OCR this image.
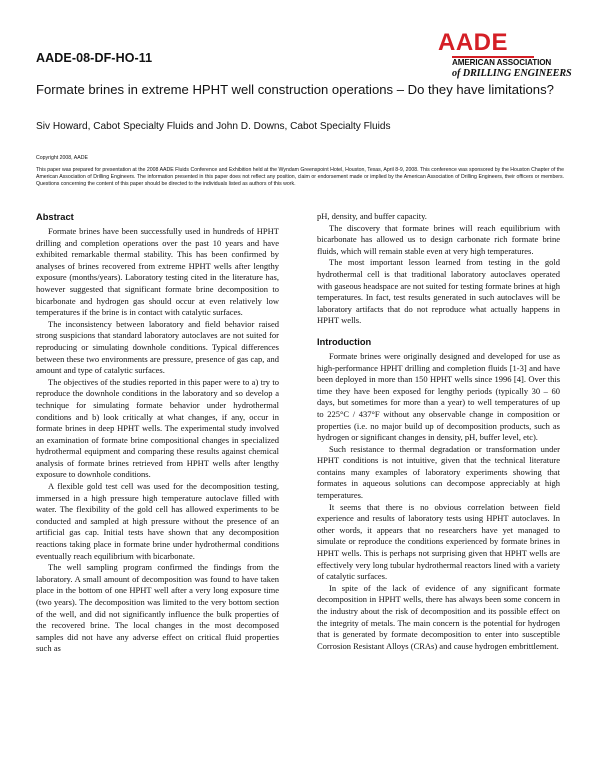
AADE-08-DF-HO-11
AADE
AMERICAN ASSOCIATION
of DRILLING ENGINEERS
Formate brines in extreme HPHT well construction operations – Do they have limitations?
Siv Howard, Cabot Specialty Fluids and John D. Downs, Cabot Specialty Fluids
Copyright 2008, AADE
This paper was prepared for presentation at the 2008 AADE Fluids Conference and Exhibition held at the Wyndam Greenspoint Hotel, Houston, Texas, April 8-9, 2008. This conference was sponsored by the Houston Chapter of the American Association of Drilling Engineers. The information presented in this paper does not reflect any position, claim or endorsement made or implied by the American Association of Drilling Engineers, their officers or members. Questions concerning the content of this paper should be directed to the individuals listed as authors of this work.
Abstract

Formate brines have been successfully used in hundreds of HPHT drilling and completion operations over the past 10 years and have exhibited remarkable thermal stability. This has been confirmed by analyses of brines recovered from extreme HPHT wells after lengthy exposure (months/years). Laboratory testing cited in the literature has, however suggested that significant formate brine decomposition to bicarbonate and hydrogen gas should occur at even relatively low temperatures if the brine is in contact with catalytic surfaces.

The inconsistency between laboratory and field behavior raised strong suspicions that standard laboratory autoclaves are not suited for reproducing or simulating downhole conditions. Typical differences between these two environments are pressure, presence of gas cap, and amount and type of catalytic surfaces.

The objectives of the studies reported in this paper were to a) try to reproduce the downhole conditions in the laboratory and so develop a technique for simulating formate behavior under hydrothermal conditions and b) look critically at what changes, if any, occur in formate brines in deep HPHT wells. The experimental study involved an examination of formate brine compositional changes in specialized hydrothermal equipment and comparing these results against chemical analysis of formate brines retrieved from HPHT wells after lengthy exposure to downhole conditions.

A flexible gold test cell was used for the decomposition testing, immersed in a high pressure high temperature autoclave filled with water. The flexibility of the gold cell has allowed experiments to be conducted and sampled at high pressure without the presence of an artificial gas cap. Initial tests have shown that any decomposition reactions taking place in formate brine under hydrothermal conditions eventually reach equilibrium with bicarbonate.

The well sampling program confirmed the findings from the laboratory. A small amount of decomposition was found to have taken place in the bottom of one HPHT well after a very long exposure time (two years). The decomposition was limited to the very bottom section of the well, and did not significantly influence the bulk properties of the recovered brine. The local changes in the most decomposed samples did not have any adverse effect on critical fluid properties such as

pH, density, and buffer capacity.

The discovery that formate brines will reach equilibrium with bicarbonate has allowed us to design carbonate rich formate brine fluids, which will remain stable even at very high temperatures.

The most important lesson learned from testing in the gold hydrothermal cell is that traditional laboratory autoclaves operated with gaseous headspace are not suited for testing formate brines at high temperatures. In fact, test results generated in such autoclaves will be laboratory artifacts that do not reproduce what actually happens in HPHT wells.

Introduction

Formate brines were originally designed and developed for use as high-performance HPHT drilling and completion fluids [1-3] and have been deployed in more than 150 HPHT wells since 1996 [4]. Over this time they have been exposed for lengthy periods (typically 30 – 60 days, but sometimes for more than a year) to well temperatures of up to 225°C / 437°F without any observable change in composition or properties (i.e. no major build up of decomposition products, such as hydrogen or significant changes in density, pH, buffer level, etc).

Such resistance to thermal degradation or transformation under HPHT conditions is not intuitive, given that the technical literature contains many examples of laboratory experiments showing that formates in aqueous solutions can decompose appreciably at high temperatures.

It seems that there is no obvious correlation between field experience and results of laboratory tests using HPHT autoclaves. In other words, it appears that no researchers have yet managed to simulate or reproduce the conditions experienced by formate brines in HPHT wells. This is perhaps not surprising given that HPHT wells are effectively very long tubular hydrothermal reactors lined with a variety of catalytic surfaces.

In spite of the lack of evidence of any significant formate decomposition in HPHT wells, there has always been some concern in the industry about the risk of decomposition and its possible effect on the integrity of metals. The main concern is the potential for hydrogen that is generated by formate decomposition to enter into susceptible Corrosion Resistant Alloys (CRAs) and cause hydrogen embrittlement.
